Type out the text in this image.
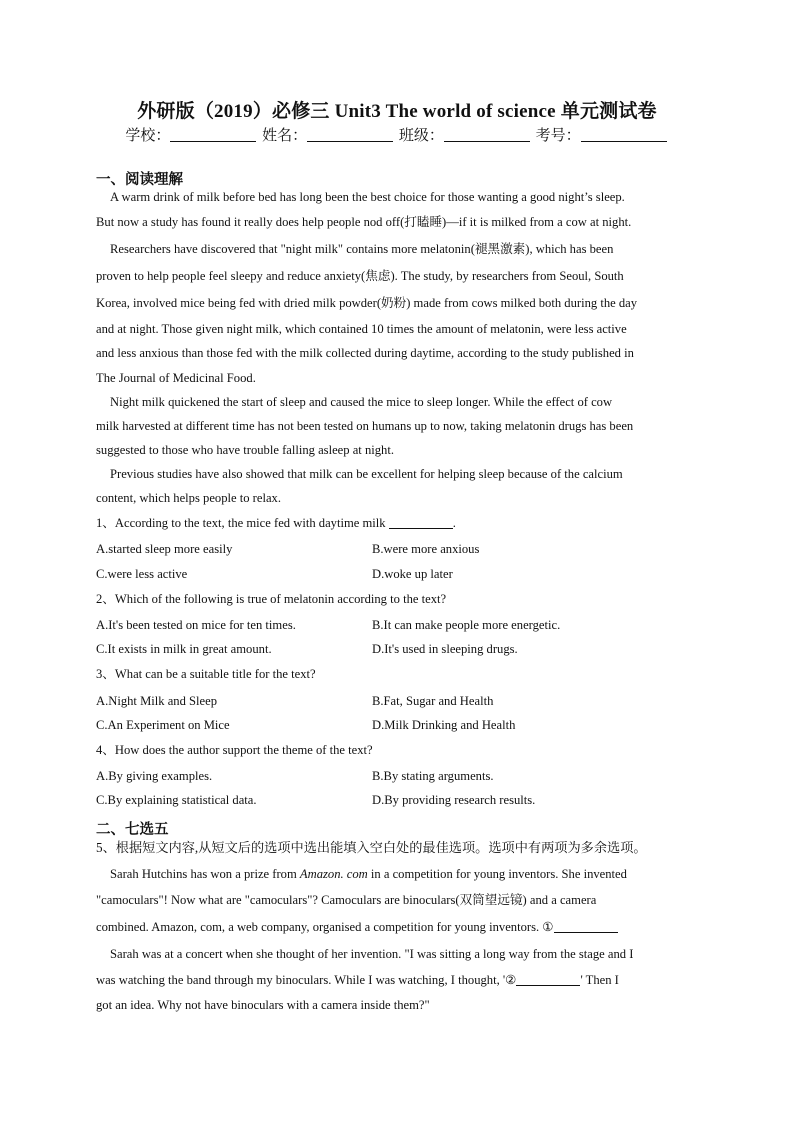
外研版（2019）必修三 Unit3 The world of science 单元测试卷
学校：	姓名：	班级：	考号：
一、阅读理解
A warm drink of milk before bed has long been the best choice for those wanting a good night’s sleep.
But now a study has found it really does help people nod off(打瞌睡)—if it is milked from a cow at night.
Researchers have discovered that "night milk" contains more melatonin(褪黑激素), which has been
proven to help people feel sleepy and reduce anxiety(焦虑). The study, by researchers from Seoul, South
Korea, involved mice being fed with dried milk powder(奶粉) made from cows milked both during the day
and at night. Those given night milk, which contained 10 times the amount of melatonin, were less active
and less anxious than those fed with the milk collected during daytime, according to the study published in
The Journal of Medicinal Food.
Night milk quickened the start of sleep and caused the mice to sleep longer. While the effect of cow
milk harvested at different time has not been tested on humans up to now, taking melatonin drugs has been
suggested to those who have trouble falling asleep at night.
Previous studies have also showed that milk can be excellent for helping sleep because of the calcium
content, which helps people to relax.
1、According to the text, the mice fed with daytime milk	.
A.started sleep more easily	B.were more anxious
C.were less active	D.woke up later
2、Which of the following is true of melatonin according to the text?
A.It's been tested on mice for ten times.	B.It can make people more energetic.
C.It exists in milk in great amount.	D.It's used in sleeping drugs.
3、What can be a suitable title for the text?
A.Night Milk and Sleep	B.Fat, Sugar and Health
C.An Experiment on Mice	D.Milk Drinking and Health
4、How does the author support the theme of the text?
A.By giving examples.	B.By stating arguments.
C.By explaining statistical data.	D.By providing research results.
二、七选五
5、根据短文内容,从短文后的选项中选出能填入空白处的最佳选项。选项中有两项为多余选项。
Sarah Hutchins has won a prize from Amazon. com in a competition for young inventors. She invented
"camoculars"! Now what are "camoculars"? Camoculars are binoculars(双筒望远镜) and a camera
combined. Amazon, com, a web company, organised a competition for young inventors. ①
Sarah was at a concert when she thought of her invention. "I was sitting a long way from the stage and I
was watching the band through my binoculars. While I was watching, I thought, '②	' Then I
got an idea. Why not have binoculars with a camera inside them?"
